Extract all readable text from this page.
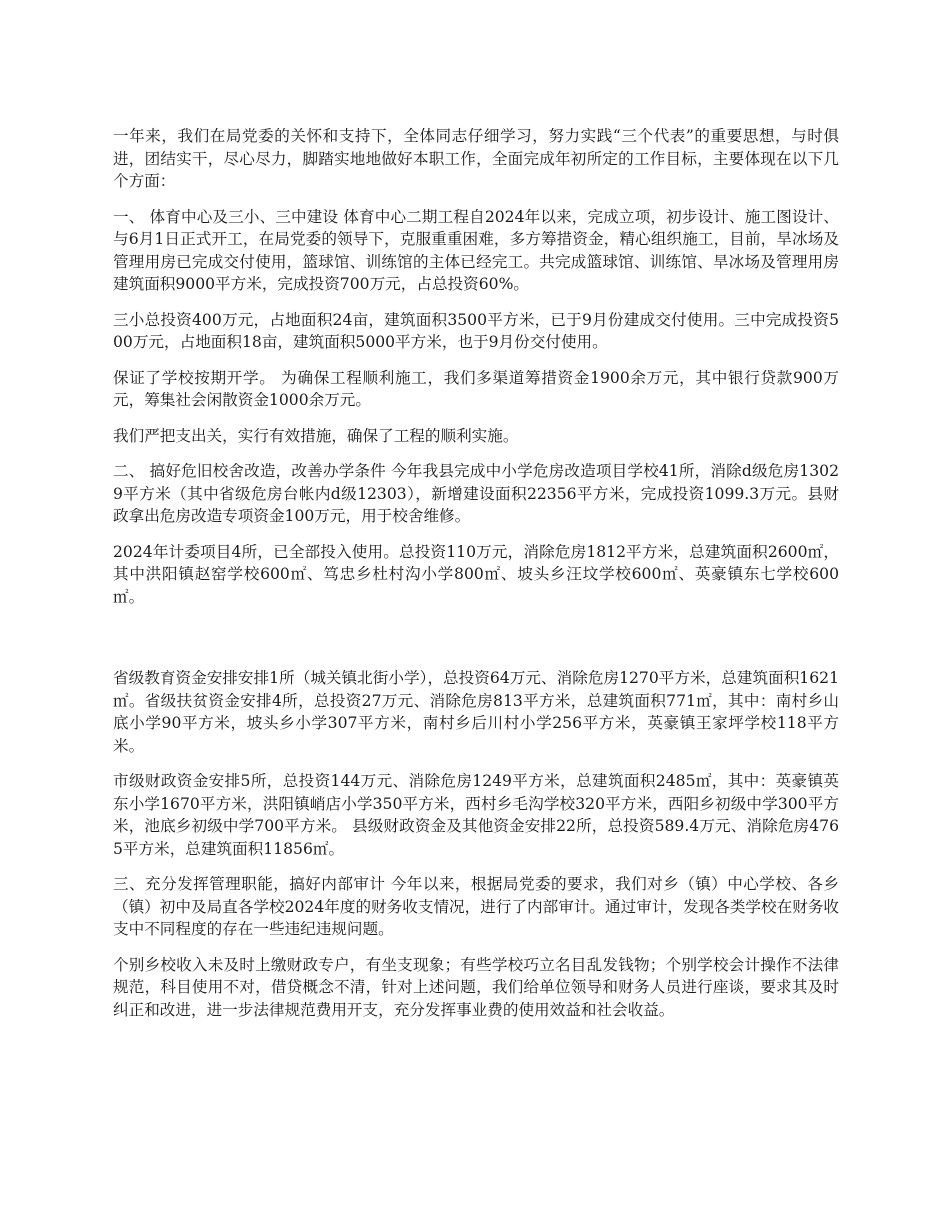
一年来，我们在局党委的关怀和支持下，全体同志仔细学习，努力实践“三个代表”的重要思想，与时俱进，团结实干，尽心尽力，脚踏实地地做好本职工作，全面完成年初所定的工作目标，主要体现在以下几个方面：

一、 体育中心及三小、三中建设 体育中心二期工程自2024年以来，完成立项，初步设计、施工图设计、与6月1日正式开工，在局党委的领导下，克服重重困难，多方筹措资金，精心组织施工，目前，旱冰场及管理用房已完成交付使用，篮球馆、训练馆的主体已经完工。共完成篮球馆、训练馆、旱冰场及管理用房建筑面积9000平方米，完成投资700万元，占总投资60%。

三小总投资400万元，占地面积24亩，建筑面积3500平方米，已于9月份建成交付使用。三中完成投资500万元，占地面积18亩，建筑面积5000平方米，也于9月份交付使用。

保证了学校按期开学。 为确保工程顺利施工，我们多渠道筹措资金1900余万元，其中银行贷款900万元，筹集社会闲散资金1000余万元。

我们严把支出关，实行有效措施，确保了工程的顺利实施。

二、 搞好危旧校舍改造，改善办学条件 今年我县完成中小学危房改造项目学校41所，消除d级危房13029平方米（其中省级危房台帐内d级12303），新增建设面积22356平方米，完成投资1099.3万元。县财政拿出危房改造专项资金100万元，用于校舍维修。

2024年计委项目4所，已全部投入使用。总投资110万元，消除危房1812平方米，总建筑面积2600㎡，其中洪阳镇赵窑学校600㎡、笃忠乡杜村沟小学800㎡、坡头乡汪坟学校600㎡、英豪镇东七学校600㎡。

省级教育资金安排安排1所（城关镇北街小学），总投资64万元、消除危房1270平方米，总建筑面积1621㎡。省级扶贫资金安排4所，总投资27万元、消除危房813平方米，总建筑面积771㎡，其中：南村乡山底小学90平方米，坡头乡小学307平方米，南村乡后川村小学256平方米，英豪镇王家坪学校118平方米。

市级财政资金安排5所，总投资144万元、消除危房1249平方米，总建筑面积2485㎡，其中：英豪镇英东小学1670平方米，洪阳镇峭店小学350平方米，西村乡毛沟学校320平方米，西阳乡初级中学300平方米，池底乡初级中学700平方米。 县级财政资金及其他资金安排22所，总投资589.4万元、消除危房4765平方米，总建筑面积11856㎡。

三、充分发挥管理职能，搞好内部审计 今年以来，根据局党委的要求，我们对乡（镇）中心学校、各乡（镇）初中及局直各学校2024年度的财务收支情况，进行了内部审计。通过审计，发现各类学校在财务收支中不同程度的存在一些违纪违规问题。

个别乡校收入未及时上缴财政专户，有坐支现象；有些学校巧立名目乱发钱物；个别学校会计操作不法律规范，科目使用不对，借贷概念不清，针对上述问题，我们给单位领导和财务人员进行座谈，要求其及时纠正和改进，进一步法律规范费用开支，充分发挥事业费的使用效益和社会收益。
